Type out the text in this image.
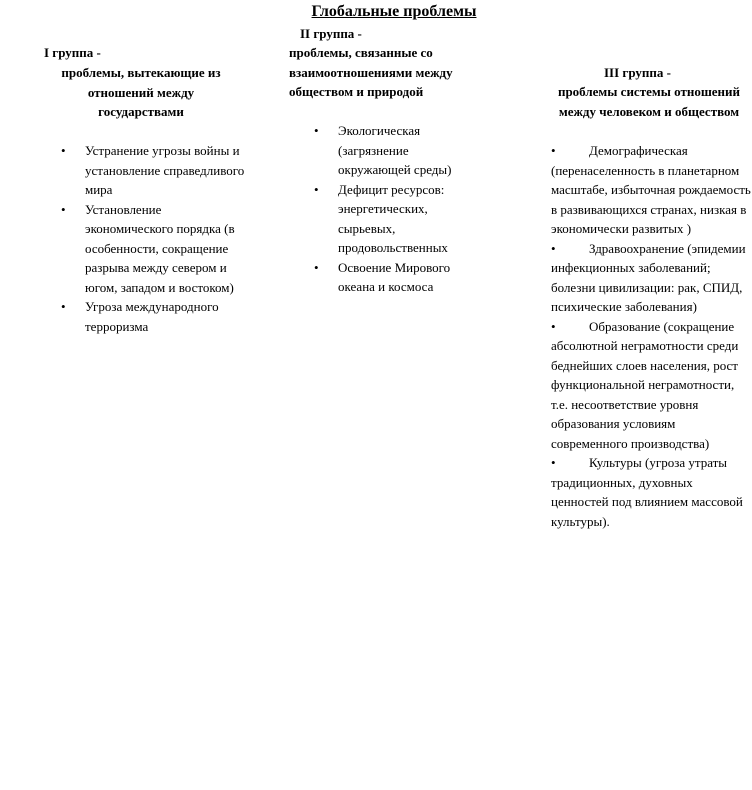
Глобальные проблемы
I группа -
проблемы, вытекающие из отношений между государствами
• Устранение угрозы войны и установление справедливого мира
• Установление экономического порядка (в особенности, сокращение разрыва между севером и югом, западом и востоком)
• Угроза международного терроризма
II группа -
проблемы, связанные со взаимоотношениями между обществом и природой
• Экологическая (загрязнение окружающей среды)
• Дефицит ресурсов: энергетических, сырьевых, продовольственных
• Освоение Мирового океана и космоса
III группа -
проблемы системы отношений между человеком и обществом
•	Демографическая (перенаселенность в планетарном масштабе, избыточная рождаемость в развивающихся странах, низкая в экономически развитых )
•	Здравоохранение (эпидемии инфекционных заболеваний; болезни цивилизации: рак, СПИД, психические заболевания)
•	Образование (сокращение абсолютной неграмотности среди беднейших слоев населения, рост функциональной неграмотности, т.е. несоответствие уровня образования условиям современного производства)
•	Культуры (угроза утраты традиционных, духовных ценностей под влиянием массовой культуры).
